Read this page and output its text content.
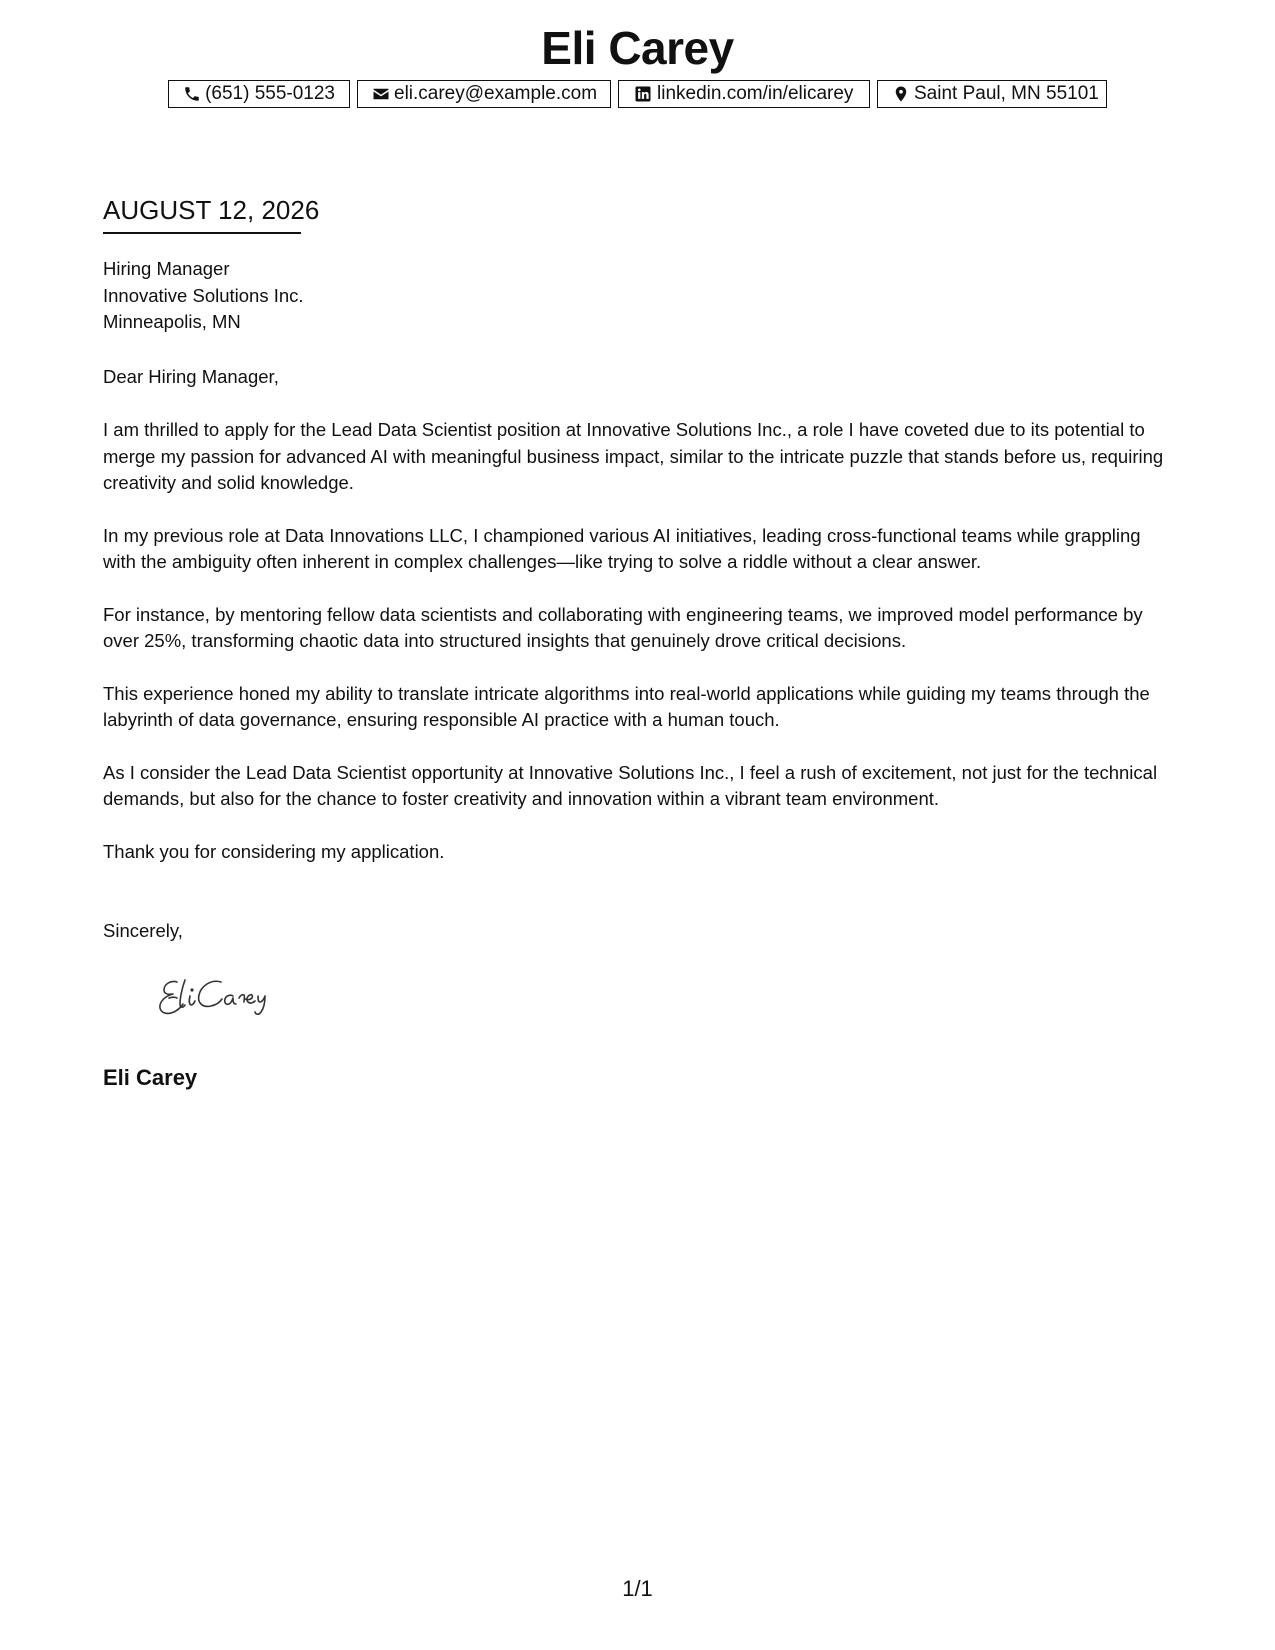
Eli Carey
(651) 555-0123	eli.carey@example.com	linkedin.com/in/elicarey	Saint Paul, MN 55101
AUGUST 12, 2026
Hiring Manager
Innovative Solutions Inc.
Minneapolis, MN
Dear Hiring Manager,

I am thrilled to apply for the Lead Data Scientist position at Innovative Solutions Inc., a role I have coveted due to its potential to merge my passion for advanced AI with meaningful business impact, similar to the intricate puzzle that stands before us, requiring creativity and solid knowledge.

In my previous role at Data Innovations LLC, I championed various AI initiatives, leading cross-functional teams while grappling with the ambiguity often inherent in complex challenges—like trying to solve a riddle without a clear answer.

For instance, by mentoring fellow data scientists and collaborating with engineering teams, we improved model performance by over 25%, transforming chaotic data into structured insights that genuinely drove critical decisions.

This experience honed my ability to translate intricate algorithms into real-world applications while guiding my teams through the labyrinth of data governance, ensuring responsible AI practice with a human touch.

As I consider the Lead Data Scientist opportunity at Innovative Solutions Inc., I feel a rush of excitement, not just for the technical demands, but also for the chance to foster creativity and innovation within a vibrant team environment.

Thank you for considering my application.

Sincerely,
Eli Carey
1/1
